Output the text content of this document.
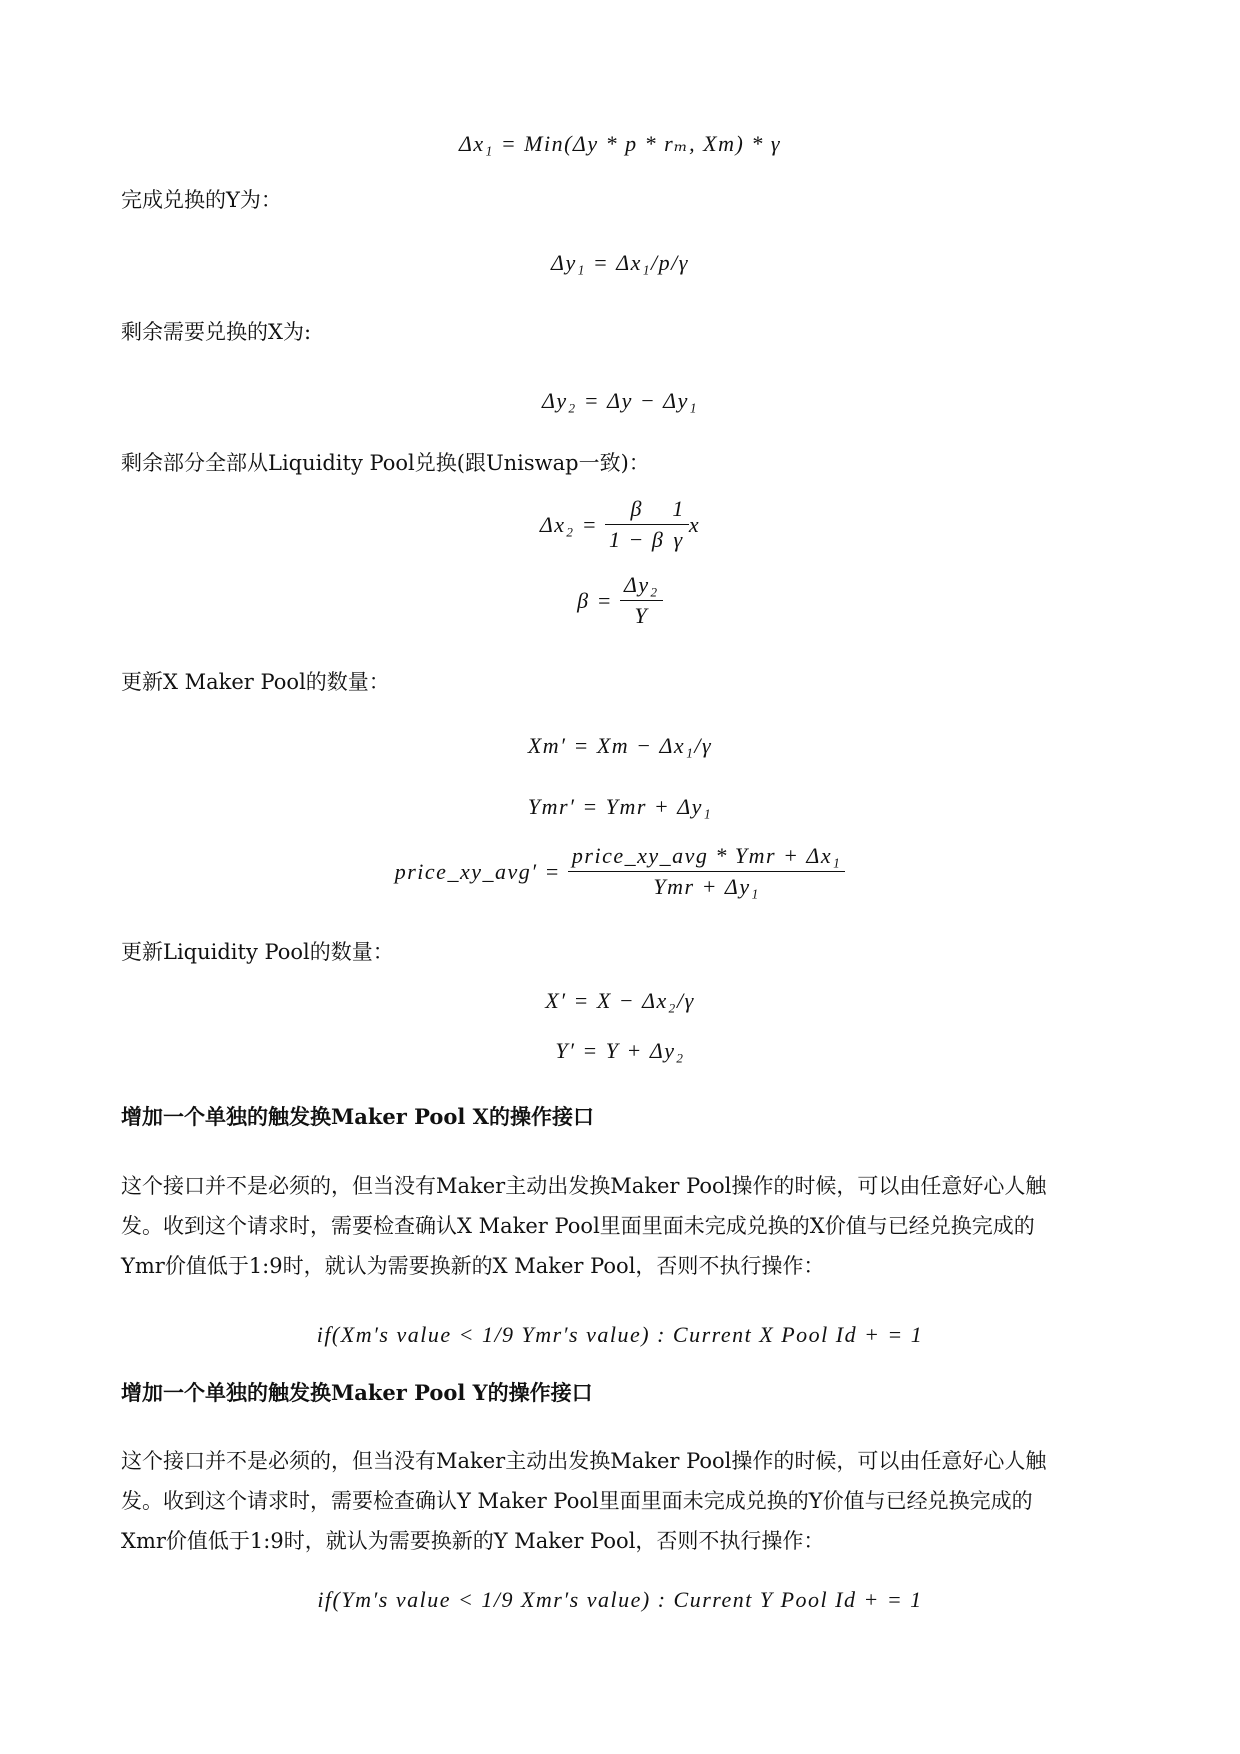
Δx₁ = Min(Δy * p * rₘ, Xm) * γ
完成兑换的Y为：
Δy₁ = Δx₁/p/γ
剩余需要兑换的X为:
Δy₂ = Δy − Δy₁
剩余部分全部从Liquidity Pool兑换(跟Uniswap一致)：
$\Delta x_2 = \frac{\beta}{1 - \beta} \frac{1}{\gamma}$ x
$\beta = \frac{\text{Δy₂}}{Y}$
更新X Maker Pool的数量：
Xm′ = Xm − Δx₁/γ
Ymr′ = Ymr + Δy₁
price_xy_avg′ = $\frac{\text{price\_xy\_avg * Ymr + Δx₁}}{\text{Ymr + Δy₁}}$
更新Liquidity Pool的数量：
X′ = X − Δx₂/γ
Y′ = Y + Δy₂
增加一个单独的触发换Maker Pool X的操作接口
这个接口并不是必须的，但当没有Maker主动出发换Maker Pool操作的时候，可以由任意好心人触
发。收到这个请求时，需要检查确认X Maker Pool里面里面未完成兑换的X价值与已经兑换完成的
Ymr价值低于1:9时，就认为需要换新的X Maker Pool，否则不执行操作：
if(Xm′s value < 1/9 Ymr′s value) : Current X Pool Id + = 1
增加一个单独的触发换Maker Pool Y的操作接口
这个接口并不是必须的，但当没有Maker主动出发换Maker Pool操作的时候，可以由任意好心人触
发。收到这个请求时，需要检查确认Y Maker Pool里面里面未完成兑换的Y价值与已经兑换完成的
Xmr价值低于1:9时，就认为需要换新的Y Maker Pool，否则不执行操作：
if(Ym′s value < 1/9 Xmr′s value) : Current Y Pool Id + = 1
